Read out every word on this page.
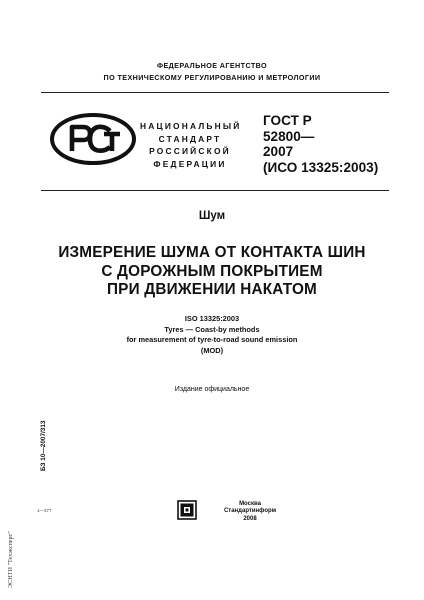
ФЕДЕРАЛЬНОЕ АГЕНТСТВО
ПО ТЕХНИЧЕСКОМУ РЕГУЛИРОВАНИЮ И МЕТРОЛОГИИ
НАЦИОНАЛЬНЫЙ
СТАНДАРТ
РОССИЙСКОЙ
ФЕДЕРАЦИИ
ГОСТ Р
52800—
2007
(ИСО 13325:2003)
Шум
ИЗМЕРЕНИЕ ШУМА ОТ КОНТАКТА ШИН
С ДОРОЖНЫМ ПОКРЫТИЕМ
ПРИ ДВИЖЕНИИ НАКАТОМ
ISO 13325:2003
Tyres — Coast-by methods
for measurement of tyre-to-road sound emission
(MOD)
Издание официальное
БЗ 10—2007/313
ЭСНТИ "Техэксперт"
1—377
Москва
Стандартинформ
2008
